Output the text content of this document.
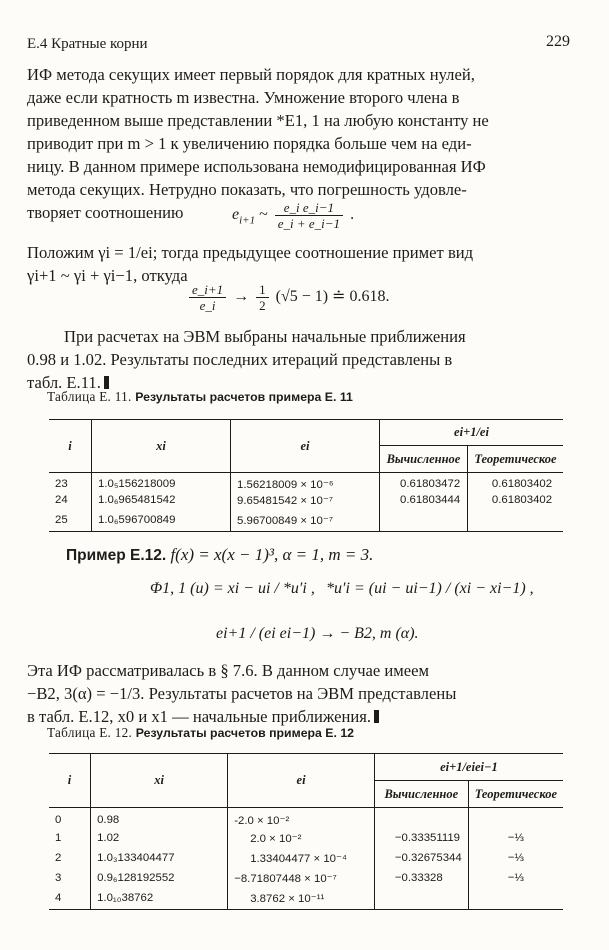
E.4 Кратные корни	229
ИФ метода секущих имеет первый порядок для кратных нулей,
даже если кратность m известна. Умножение второго члена в
приведенном выше представлении *E1, 1 на любую константу не
приводит при m > 1 к увеличению порядка больше чем на еди-
ницу. В данном примере использована немодифицированная ИФ
метода секущих. Нетрудно показать, что погрешность удовле-
творяет соотношению	$e_{i+1}$ ~ $\frac{\text{e\_i e\_i−1}}{e\_i + e\_i-1}$ .
Положим γi = 1/ei; тогда предыдущее соотношение примет вид
γi+1 ~ γi + γi−1, откуда
$\frac{e\_i+1}{e\_i} \to \frac{1}{2} (√5 - 1)$ ≐ 0.618.
При расчетах на ЭВМ выбраны начальные приближения
0.98 и 1.02. Результаты последних итераций представлены в
табл. E.11.
Таблица E. 11. Результаты расчетов примера E. 11
i	xi	ei	ei+1/ei	
			Вычисленное	Теоретическое
23	1.0₅156218009	1.56218009 × 10⁻⁶	0.61803472	0.61803402
24	1.0₆965481542	9.65481542 × 10⁻⁷	0.61803444	0.61803402
25	1.0₆596700849	5.96700849 × 10⁻⁷		
Пример E.12. f(x) = x(x − 1)³, α = 1, m = 3.
Φ1, 1 (u) = xi − ui / *u′i , *u′i = (ui − ui−1) / (xi − xi−1) ,
ei+1 / (ei ei−1) → − B2, m (α).
Эта ИФ рассматривалась в § 7.6. В данном случае имеем
−B2, 3(α) = −1/3. Результаты расчетов на ЭВМ представлены
в табл. E.12, x0 и x1 — начальные приближения.
Таблица E. 12. Результаты расчетов примера E. 12
i	xi	ei	ei+1/eiei−1	
			Вычисленное	Теоретическое
0	0.98	-2.0 × 10⁻²		
1	1.02	2.0 × 10⁻²	−0.33351119	−⅓
2	1.0₃133404477	1.33404477 × 10⁻⁴	−0.32675344	−⅓
3	0.9₆128192552	−8.71807448 × 10⁻⁷	−0.33328	−⅓
4	1.0₁₀38762	3.8762 × 10⁻¹¹		
